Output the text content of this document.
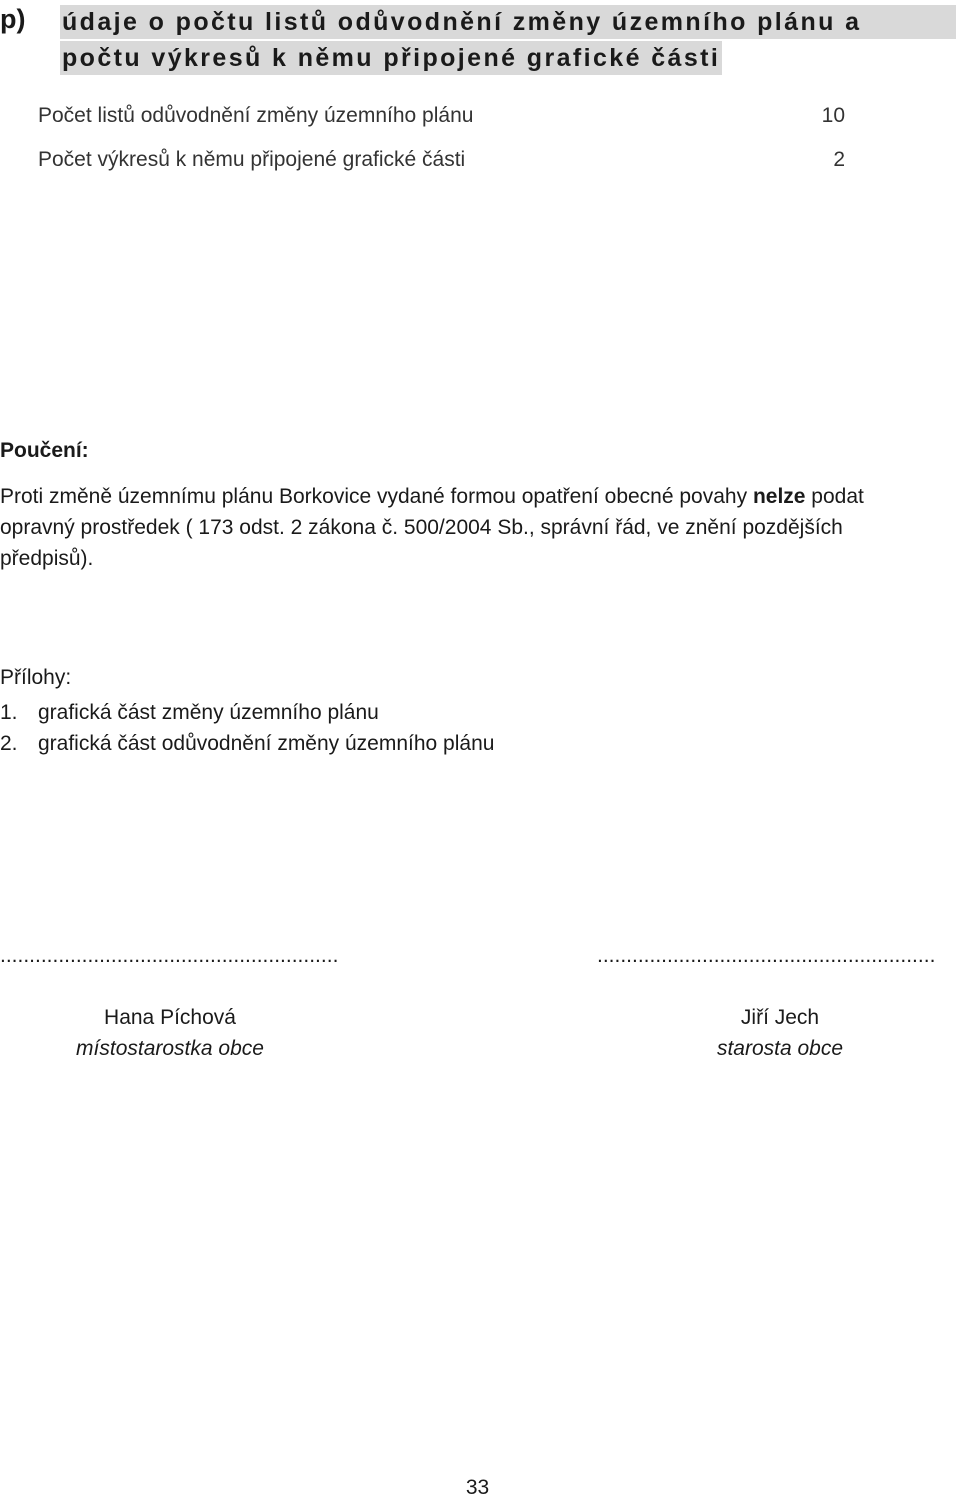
p) údaje o počtu listů odůvodnění změny územního plánu a
počtu výkresů k němu připojené grafické části
Počet listů odůvodnění změny územního plánu	10
Počet výkresů k němu připojené grafické části	2
Poučení:
Proti změně územnímu plánu Borkovice vydané formou opatření obecné povahy nelze podat opravný prostředek ( 173 odst. 2 zákona č. 500/2004 Sb., správní řád, ve znění pozdějších předpisů).
Přílohy:
1. grafická část změny územního plánu
2. grafická část odůvodnění změny územního plánu
..........................................................	..........................................................
Hana Píchová
místostarostka obce
Jiří Jech
starosta obce
33
